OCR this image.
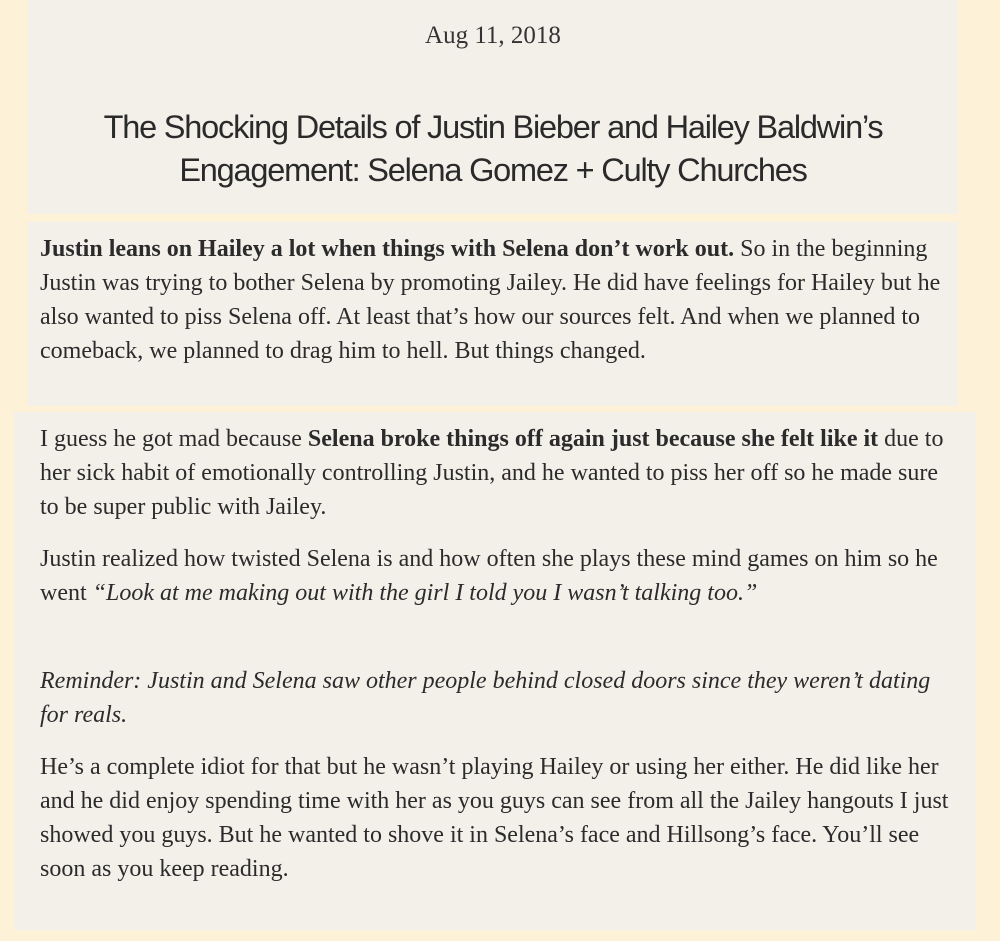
Aug 11, 2018
The Shocking Details of Justin Bieber and Hailey Baldwin’s
Engagement: Selena Gomez + Culty Churches

Justin leans on Hailey a lot when things with Selena don’t work out. So in the beginning Justin was trying to bother Selena by promoting Jailey. He did have feelings for Hailey but he also wanted to piss Selena off. At least that’s how our sources felt. And when we planned to comeback, we planned to drag him to hell. But things changed.

I guess he got mad because Selena broke things off again just because she felt like it due to her sick habit of emotionally controlling Justin, and he wanted to piss her off so he made sure to be super public with Jailey.

Justin realized how twisted Selena is and how often she plays these mind games on him so he went “Look at me making out with the girl I told you I wasn’t talking too.”

Reminder: Justin and Selena saw other people behind closed doors since they weren’t dating for reals.

He’s a complete idiot for that but he wasn’t playing Hailey or using her either. He did like her and he did enjoy spending time with her as you guys can see from all the Jailey hangouts I just showed you guys. But he wanted to shove it in Selena’s face and Hillsong’s face. You’ll see soon as you keep reading.
